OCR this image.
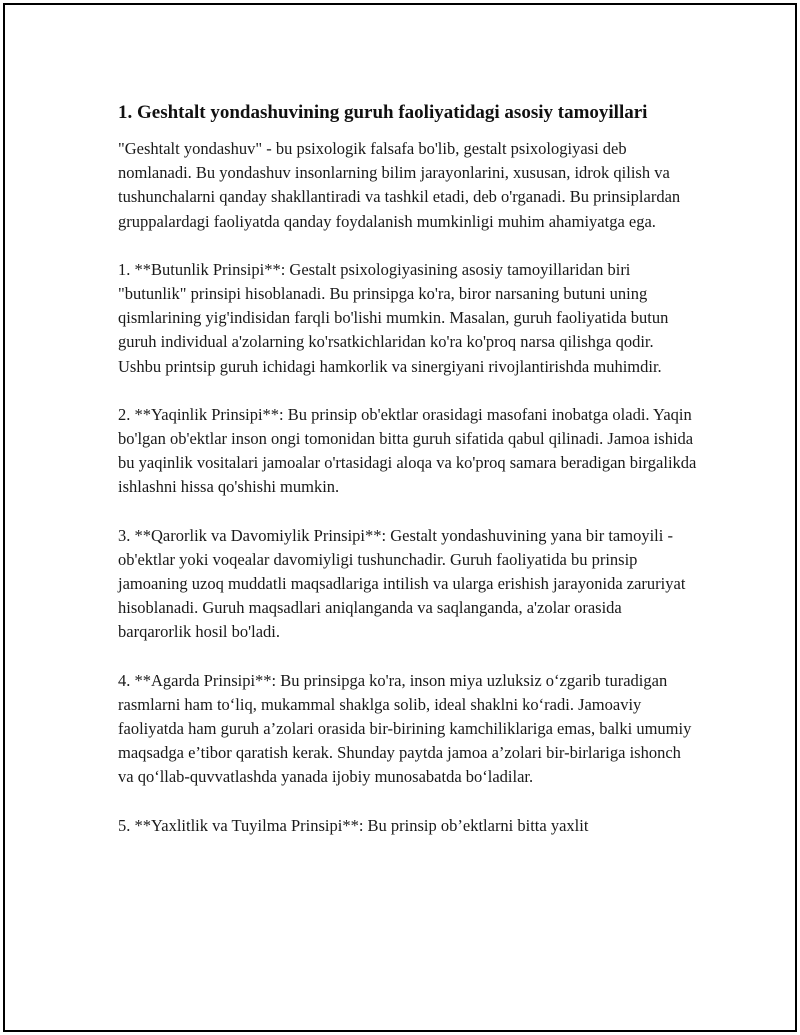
1. Geshtalt yondashuvining guruh faoliyatidagi asosiy tamoyillari

"Geshtalt yondashuv" - bu psixologik falsafa bo'lib, gestalt psixologiyasi deb nomlanadi. Bu yondashuv insonlarning bilim jarayonlarini, xususan, idrok qilish va tushunchalarni qanday shakllantiradi va tashkil etadi, deb o'rganadi. Bu prinsiplardan gruppalardagi faoliyatda qanday foydalanish mumkinligi muhim ahamiyatga ega.

1. **Butunlik Prinsipi**: Gestalt psixologiyasining asosiy tamoyillaridan biri "butunlik" prinsipi hisoblanadi. Bu prinsipga ko'ra, biror narsaning butuni uning qismlarining yig'indisidan farqli bo'lishi mumkin. Masalan, guruh faoliyatida butun guruh individual a'zolarning ko'rsatkichlaridan ko'ra ko'proq narsa qilishga qodir. Ushbu printsip guruh ichidagi hamkorlik va sinergiyani rivojlantirishda muhimdir.

2. **Yaqinlik Prinsipi**: Bu prinsip ob'ektlar orasidagi masofani inobatga oladi. Yaqin bo'lgan ob'ektlar inson ongi tomonidan bitta guruh sifatida qabul qilinadi. Jamoa ishida bu yaqinlik vositalari jamoalar o'rtasidagi aloqa va ko'proq samara beradigan birgalikda ishlashni hissa qo'shishi mumkin.

3. **Qarorlik va Davomiylik Prinsipi**: Gestalt yondashuvining yana bir tamoyili - ob'ektlar yoki voqealar davomiyligi tushunchadir. Guruh faoliyatida bu prinsip jamoaning uzoq muddatli maqsadlariga intilish va ularga erishish jarayonida zaruriyat hisoblanadi. Guruh maqsadlari aniqlanganda va saqlanganda, a'zolar orasida barqarorlik hosil bo'ladi.

4. **Agarda Prinsipi**: Bu prinsipga ko'ra, inson miya uzluksiz o‘zgarib turadigan rasmlarni ham to‘liq, mukammal shaklga solib, ideal shaklni ko‘radi. Jamoaviy faoliyatda ham guruh a’zolari orasida bir-birining kamchiliklariga emas, balki umumiy maqsadga e’tibor qaratish kerak. Shunday paytda jamoa a’zolari bir-birlariga ishonch va qo‘llab-quvvatlashda yanada ijobiy munosabatda bo‘ladilar.

5. **Yaxlitlik va Tuyilma Prinsipi**: Bu prinsip ob’ektlarni bitta yaxlit
